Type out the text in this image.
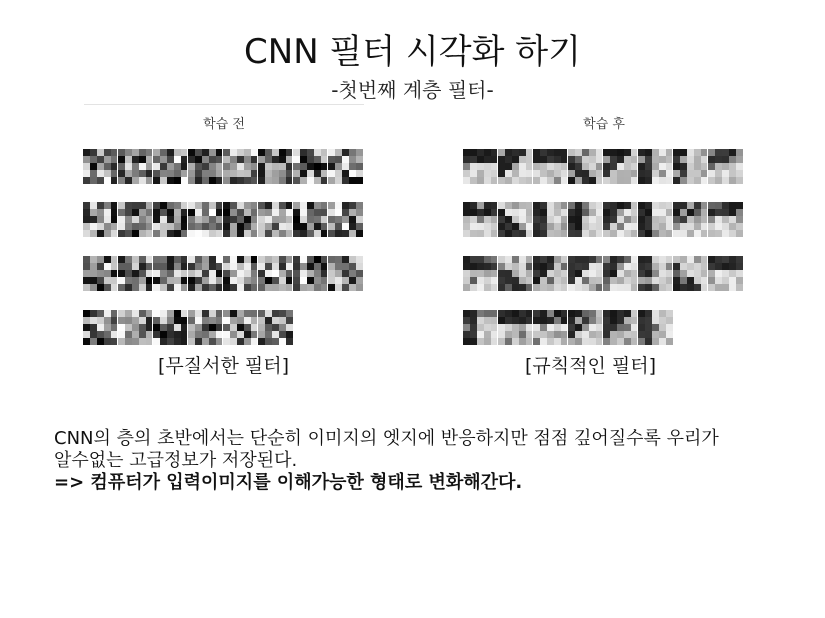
CNN 필터 시각화 하기
-첫번째 계층 필터-
학습 전	학습 후
[무질서한 필터]	[규칙적인 필터]

CNN의 층의 초반에서는 단순히 이미지의 엣지에 반응하지만 점점 깊어질수록 우리가

알수없는 고급정보가 저장된다.

=> 컴퓨터가 입력이미지를 이해가능한 형태로 변화해간다.
